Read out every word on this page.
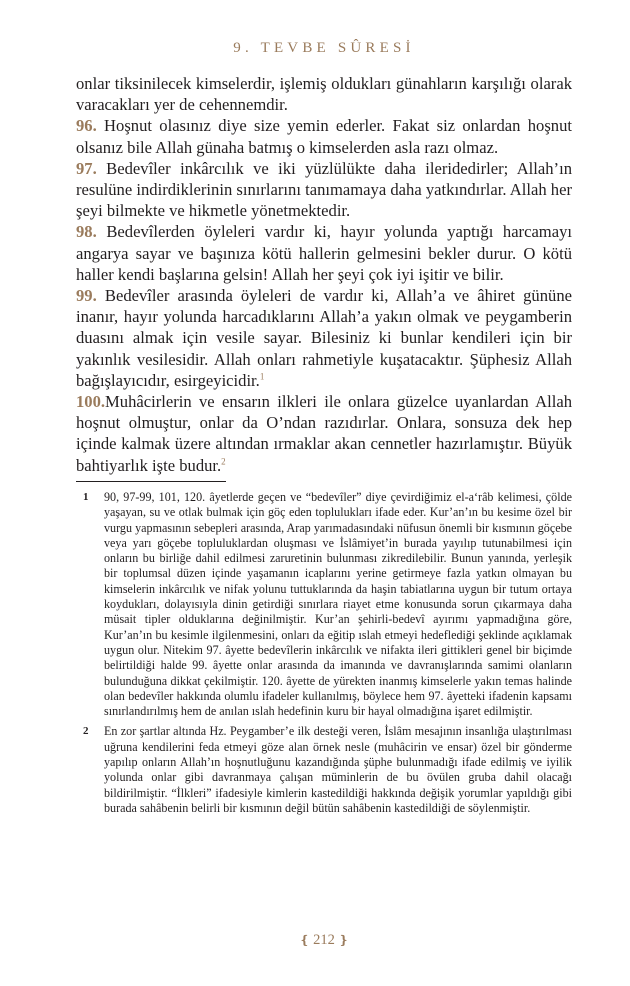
9. TEVBE SÛRESİ

onlar tiksinilecek kimselerdir, işlemiş oldukları günahların karşılığı olarak varacakları yer de cehennemdir.

96. Hoşnut olasınız diye size yemin ederler. Fakat siz onlardan hoşnut olsanız bile Allah günaha batmış o kimselerden asla razı olmaz.

97. Bedevîler inkârcılık ve iki yüzlülükte daha ileridedirler; Allah’ın resulüne indirdiklerinin sınırlarını tanımamaya daha yatkındırlar. Allah her şeyi bilmekte ve hikmetle yönetmektedir.

98. Bedevîlerden öyleleri vardır ki, hayır yolunda yaptığı harcamayı angarya sayar ve başınıza kötü hallerin gelmesini bekler durur. O kötü haller kendi başlarına gelsin! Allah her şeyi çok iyi işitir ve bilir.

99. Bedevîler arasında öyleleri de vardır ki, Allah’a ve âhiret gününe inanır, hayır yolunda harcadıklarını Allah’a yakın olmak ve peygamberin duasını almak için vesile sayar. Bilesiniz ki bunlar kendileri için bir yakınlık vesilesidir. Allah onları rahmetiyle kuşatacaktır. Şüphesiz Allah bağışlayıcıdır, esirgeyicidir.$^1$

100.Muhâcirlerin ve ensarın ilkleri ile onlara güzelce uyanlardan Allah hoşnut olmuştur, onlar da O’ndan razıdırlar. Onlara, sonsuza dek hep içinde kalmak üzere altından ırmaklar akan cennetler hazırlamıştır. Büyük bahtiyarlık işte budur.$^2$

1	90, 97-99, 101, 120. âyetlerde geçen ve “bedevîler” diye çevirdiğimiz el-a‘râb kelimesi, çölde yaşayan, su ve otlak bulmak için göç eden toplulukları ifade eder. Kur’an’ın bu kesime özel bir vurgu yapmasının sebepleri arasında, Arap yarımadasındaki nüfusun önemli bir kısmının göçebe veya yarı göçebe topluluklardan oluşması ve İslâmiyet’in burada yayılıp tutunabilmesi için onların bu birliğe dahil edilmesi zaruretinin bulunması zikredilebilir. Bunun yanında, yerleşik bir toplumsal düzen içinde yaşamanın icaplarını yerine getirmeye fazla yatkın olmayan bu kimselerin inkârcılık ve nifak yolunu tuttuklarında da haşin tabiatlarına uygun bir tutum ortaya koydukları, dolayısıyla dinin getirdiği sınırlara riayet etme konusunda sorun çıkarmaya daha müsait tipler olduklarına değinilmiştir. Kur’an şehirli-bedevî ayırımı yapmadığına göre, Kur’an’ın bu kesimle ilgilenmesini, onları da eğitip ıslah etmeyi hedeflediği şeklinde açıklamak uygun olur. Nitekim 97. âyette bedevîlerin inkârcılık ve nifakta ileri gittikleri genel bir biçimde belirtildiği halde 99. âyette onlar arasında da imanında ve davranışlarında samimi olanların bulunduğuna dikkat çekilmiştir. 120. âyette de yürekten inanmış kimselerle yakın temas halinde olan bedevîler hakkında olumlu ifadeler kullanılmış, böylece hem 97. âyetteki ifadenin kapsamı sınırlandırılmış hem de anılan ıslah hedefinin kuru bir hayal olmadığına işaret edilmiştir.
2	En zor şartlar altında Hz. Peygamber’e ilk desteği veren, İslâm mesajının insanlığa ulaştırılması uğruna kendilerini feda etmeyi göze alan örnek nesle (muhâcirin ve ensar) özel bir gönderme yapılıp onların Allah’ın hoşnutluğunu kazandığında şüphe bulunmadığı ifade edilmiş ve iyilik yolunda onlar gibi davranmaya çalışan müminlerin de bu övülen gruba dahil olacağı bildirilmiştir. “İlkleri” ifadesiyle kimlerin kastedildiği hakkında değişik yorumlar yapıldığı gibi burada sahâbenin belirli bir kısmının değil bütün sahâbenin kastedildiği de söylenmiştir.
❴ 212 ❵
